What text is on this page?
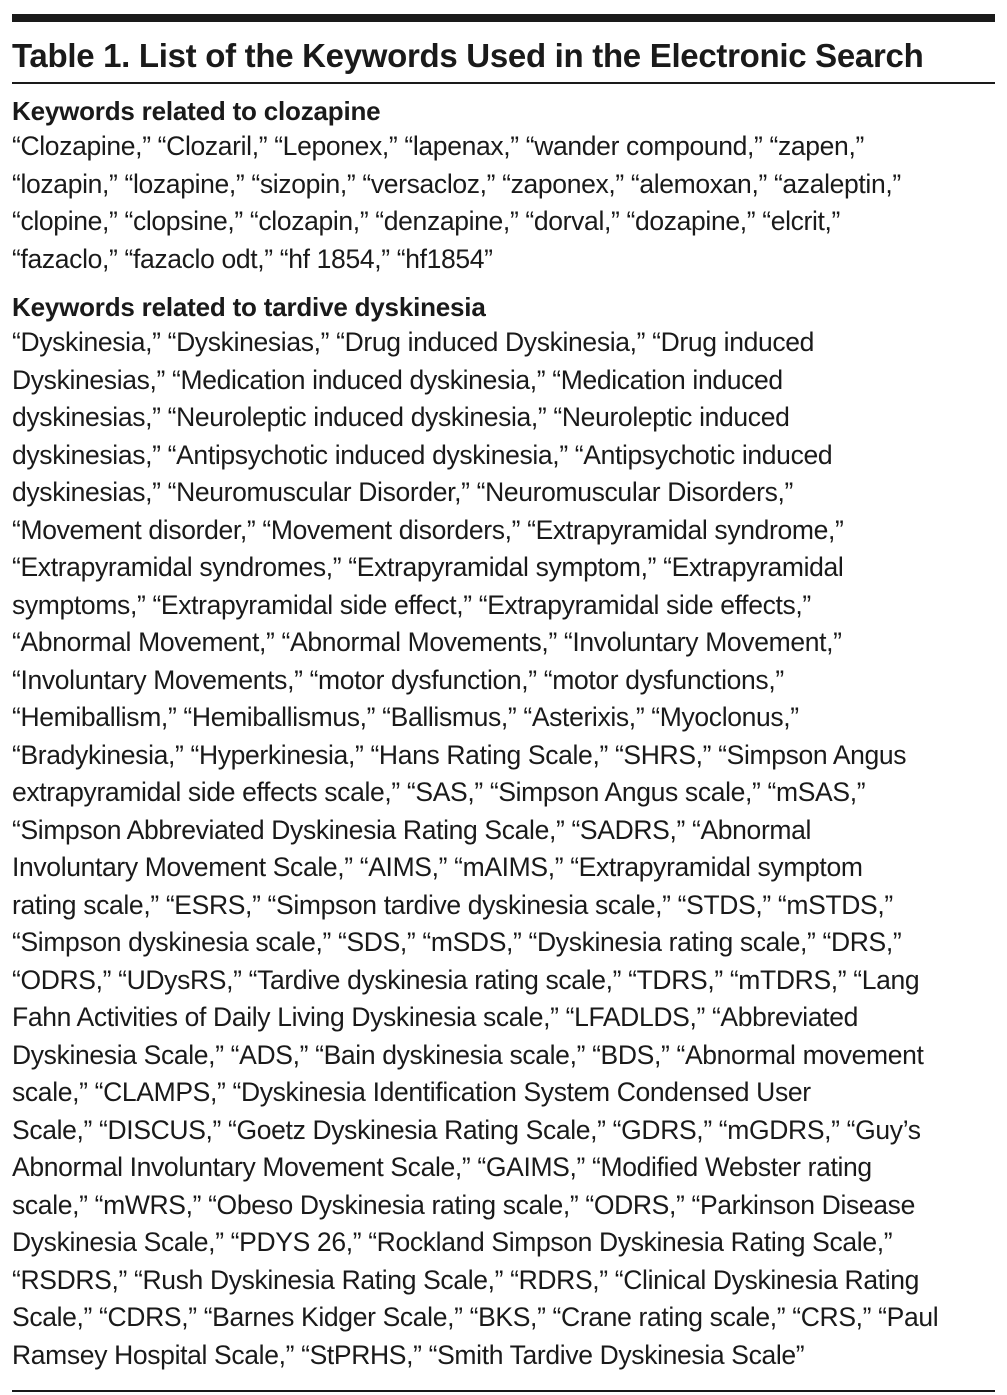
Table 1. List of the Keywords Used in the Electronic Search
Keywords related to clozapine
“Clozapine,” “Clozaril,” “Leponex,” “lapenax,” “wander compound,” “zapen,”
“lozapin,” “lozapine,” “sizopin,” “versacloz,” “zaponex,” “alemoxan,” “azaleptin,”
“clopine,” “clopsine,” “clozapin,” “denzapine,” “dorval,” “dozapine,” “elcrit,”
“fazaclo,” “fazaclo odt,” “hf 1854,” “hf1854”
Keywords related to tardive dyskinesia
“Dyskinesia,” “Dyskinesias,” “Drug induced Dyskinesia,” “Drug induced
Dyskinesias,” “Medication induced dyskinesia,” “Medication induced
dyskinesias,” “Neuroleptic induced dyskinesia,” “Neuroleptic induced
dyskinesias,” “Antipsychotic induced dyskinesia,” “Antipsychotic induced
dyskinesias,” “Neuromuscular Disorder,” “Neuromuscular Disorders,”
“Movement disorder,” “Movement disorders,” “Extrapyramidal syndrome,”
“Extrapyramidal syndromes,” “Extrapyramidal symptom,” “Extrapyramidal
symptoms,” “Extrapyramidal side effect,” “Extrapyramidal side effects,”
“Abnormal Movement,” “Abnormal Movements,” “Involuntary Movement,”
“Involuntary Movements,” “motor dysfunction,” “motor dysfunctions,”
“Hemiballism,” “Hemiballismus,” “Ballismus,” “Asterixis,” “Myoclonus,”
“Bradykinesia,” “Hyperkinesia,” “Hans Rating Scale,” “SHRS,” “Simpson Angus
extrapyramidal side effects scale,” “SAS,” “Simpson Angus scale,” “mSAS,”
“Simpson Abbreviated Dyskinesia Rating Scale,” “SADRS,” “Abnormal
Involuntary Movement Scale,” “AIMS,” “mAIMS,” “Extrapyramidal symptom
rating scale,” “ESRS,” “Simpson tardive dyskinesia scale,” “STDS,” “mSTDS,”
“Simpson dyskinesia scale,” “SDS,” “mSDS,” “Dyskinesia rating scale,” “DRS,”
“ODRS,” “UDysRS,” “Tardive dyskinesia rating scale,” “TDRS,” “mTDRS,” “Lang
Fahn Activities of Daily Living Dyskinesia scale,” “LFADLDS,” “Abbreviated
Dyskinesia Scale,” “ADS,” “Bain dyskinesia scale,” “BDS,” “Abnormal movement
scale,” “CLAMPS,” “Dyskinesia Identification System Condensed User
Scale,” “DISCUS,” “Goetz Dyskinesia Rating Scale,” “GDRS,” “mGDRS,” “Guy’s
Abnormal Involuntary Movement Scale,” “GAIMS,” “Modified Webster rating
scale,” “mWRS,” “Obeso Dyskinesia rating scale,” “ODRS,” “Parkinson Disease
Dyskinesia Scale,” “PDYS 26,” “Rockland Simpson Dyskinesia Rating Scale,”
“RSDRS,” “Rush Dyskinesia Rating Scale,” “RDRS,” “Clinical Dyskinesia Rating
Scale,” “CDRS,” “Barnes Kidger Scale,” “BKS,” “Crane rating scale,” “CRS,” “Paul
Ramsey Hospital Scale,” “StPRHS,” “Smith Tardive Dyskinesia Scale”
